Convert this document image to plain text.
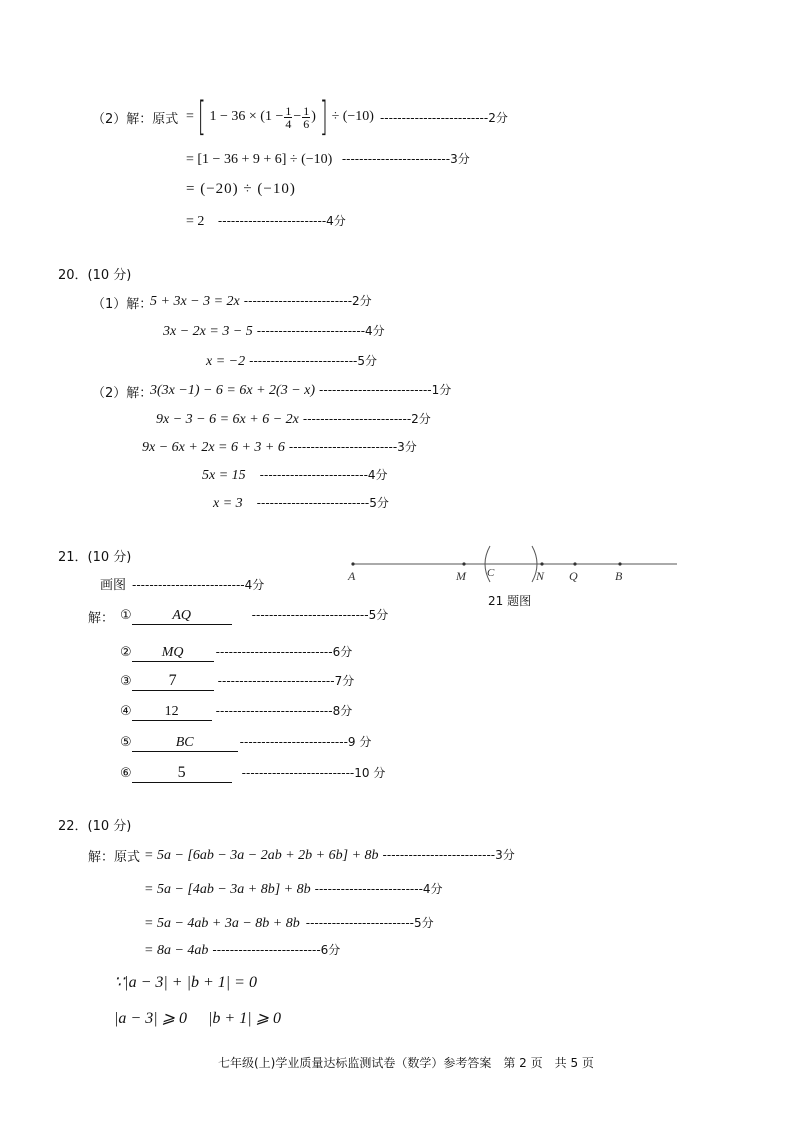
（2）解：原式 = [ $1 - 36 \times (1 - \frac{1}{4} - \frac{1}{6}$ ) ] ÷ (−10) -------------------------2分
= [1 − 36 + 9 + 6] ÷ (−10) -------------------------3分
= (−20) ÷ (−10)
= 2 -------------------------4分
20．(10 分)
（1）解：
5 + 3x − 3 = 2x -------------------------2分
3x − 2x = 3 − 5 -------------------------4分
x = −2 -------------------------5分
（2）解：
3(3x −1) − 6 = 6x + 2(3 − x) --------------------------1分
9x − 3 − 6 = 6x + 6 − 2x -------------------------2分
9x − 6x + 2x = 6 + 3 + 6 -------------------------3分
5x = 15 -------------------------4分
x = 3 --------------------------5分
21．(10 分)
画图 --------------------------4分
解： ①	AQ	---------------------------5分
② MQ	---------------------------6分
③ 7	---------------------------7分
④ 12	---------------------------8分
⑤	BC	-------------------------9 分
⑥	5	--------------------------10 分
A	M C	N Q	B
21 题图
22．(10 分)
解：原式 = 5a − [6ab − 3a − 2ab + 2b + 6b] + 8b --------------------------3分
= 5a − [4ab − 3a + 8b] + 8b -------------------------4分
= 5a − 4ab + 3a − 8b + 8b -------------------------5分
= 8a − 4ab -------------------------6分
∵|a − 3| + |b + 1| = 0
|a − 3| ⩾ 0 |b + 1| ⩾ 0
七年级(上)学业质量达标监测试卷（数学）参考答案　第 2 页　共 5 页
